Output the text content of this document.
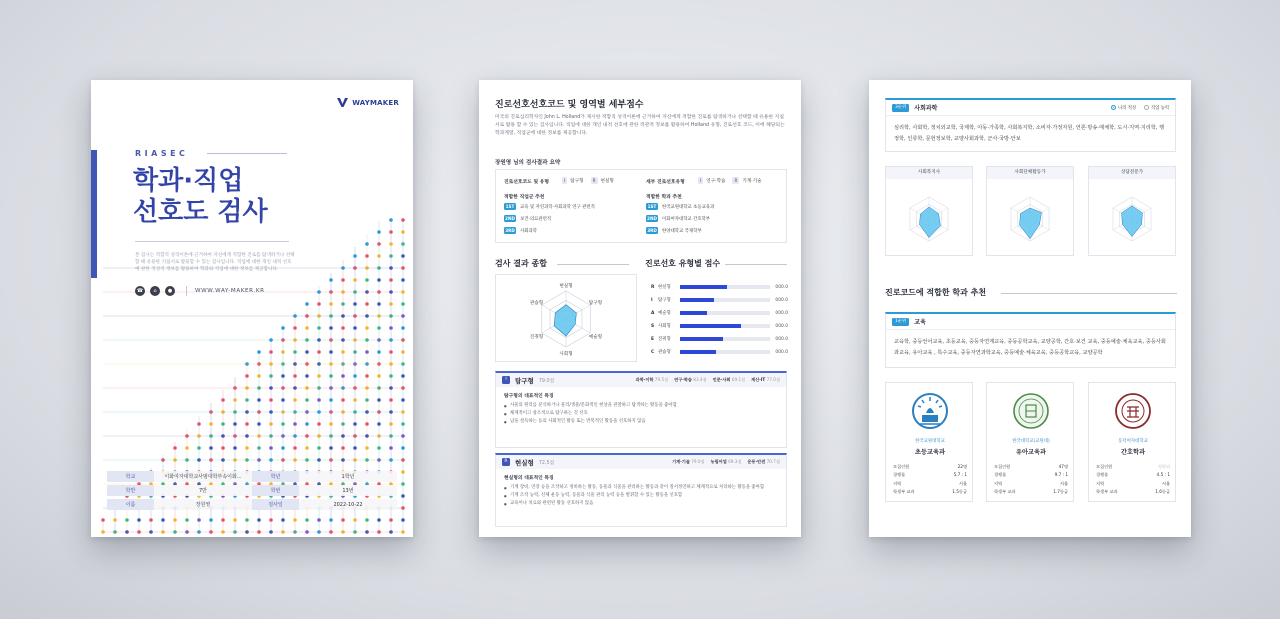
WAYMAKER
RIASEC
학과·직업
선호도 검사
본 검사는 적합직 성격이론에 근거하여 자신에게 적합한 진로를 탐색하거나 선택할 때 유용한 지침서로 활용할 수 있는 검사입니다. 직업에 대한 개인 내적 선호에 관한 적성적 정보를 활용하여 학과와 직업에 대한 정보를 제공합니다.
☎	⌂	●	WWW.WAY-MAKER.KR
학교	이화여자대학교사범대학부속이화...	학년	1학년
학반	7반	학번	13번
이름	장원영	검사일	2022-10-22
진로선호선호코드 및 영역별 세부점수
미국의 진로심리학자인 John L. Holland가 제시한 적합직 성격이론에 근거하여 자신에게 적합한 진로를 탐색하거나 선택할 때 유용한 지침서로 활용 할 수 있는 검사입니다. 직업에 대한 개인 내적 선호에 관한 적관적 정보를 활용하여 Holland 유형, 진로선호 코드, 이에 해당되는 학과계열, 직업군에 대한 정보를 제공합니다.
장원영 님의 검사결과 요약
진로선호코드 및 유형	I	탐구형	R	현실형	세부 진로선호유형	I	연구·학습	R	기계·기술
적합한 직업군 추천
1ST	교육 및 자연과학·사회과학 연구 관련직
2ND 보건·의료관련직
3RD 사회과학
적합한 학과 추천
1ST	한국교원대학교 초등교육과
2ND 이화여자대학교 간호학부
3RD 한양대학교 국제학부
검사 결과 종합	진로선호 유형별 점수
현실형
탐구형
예술형
사회형
진취형
관습형
R 현실형	000.0
I	탐구형	000.0
A 예술형	000.0
S 사회형	000.0
E 진취형	000.0
C 관습형	000.0
I	탐구형 79.0점	과학·이학 79.5점 연구·학습 83.4점 인문·사회 69.1점 계산·IT 77.0점
탐구형의 대표적인 특징
● 사물의 원리를 분석하거나 물리/생물/문화적인 현상을 관찰하고 탐색하는 활동을 좋아함
● 체계적이고 창조적으로 탐구하는 것 선호
● 남을 설득하는 등의 사회적인 활동 또는 반복적인 활동을 선호하지 않음
R	현실형 72.5점	기계·기술 79.0점 농림어업 69.3점 운동·안전 70.7점
현실형의 대표적인 특징
● 기계 장비, 연장 등을 조작하고 정비하는 활동, 동물과 식물을 관리하는 활동과 같이 질서정연하고 체계적으로 처리하는 활동을 좋아함
● 기계 조작 능력, 신체 운동 능력, 동물과 식물 관리 능력 등을 발휘할 수 있는 활동을 선호함
● 교육이나 치료와 관련된 활동 선호하지 않음
3순위	사회과학	나의 적성	직업 능력
심리학, 사회학, 정치외교학, 국제학, 아동·가족학, 사회복지학, 소비자·가정자원, 언론·방송·매체학, 도시·지역·지리학, 행정학, 인류학, 문헌정보학, 교양사회과학, 군사·국방·안보
사회복지사	사회단체활동가	상담전문가
진로코드에 적합한 학과 추천
1순위	교육
교육학, 중등언어교육, 초등교육, 중등자연계교육, 중등공학교육, 교양공학, 간호·보건 교육, 중등예술·체육교육, 중등사회과교육, 유아교육 , 특수교육, 중등자연과학교육, 중등예술·체육교육, 중등공학교육, 교양공학
한국교원대학교
초등교육과
모집인원	22명
경쟁률	5.7 : 1
지역	서울
학생부 교과	1.5등급
한국대학교(교원대)
유아교육과
모집인원	47명
경쟁률	9.7 : 1
지역	서울
학생부 교과	1.7등급
동덕여자대학교
간호학과
모집인원	정원외
경쟁률	4.5 : 1
지역	서울
학생부 교과	1.6등급
